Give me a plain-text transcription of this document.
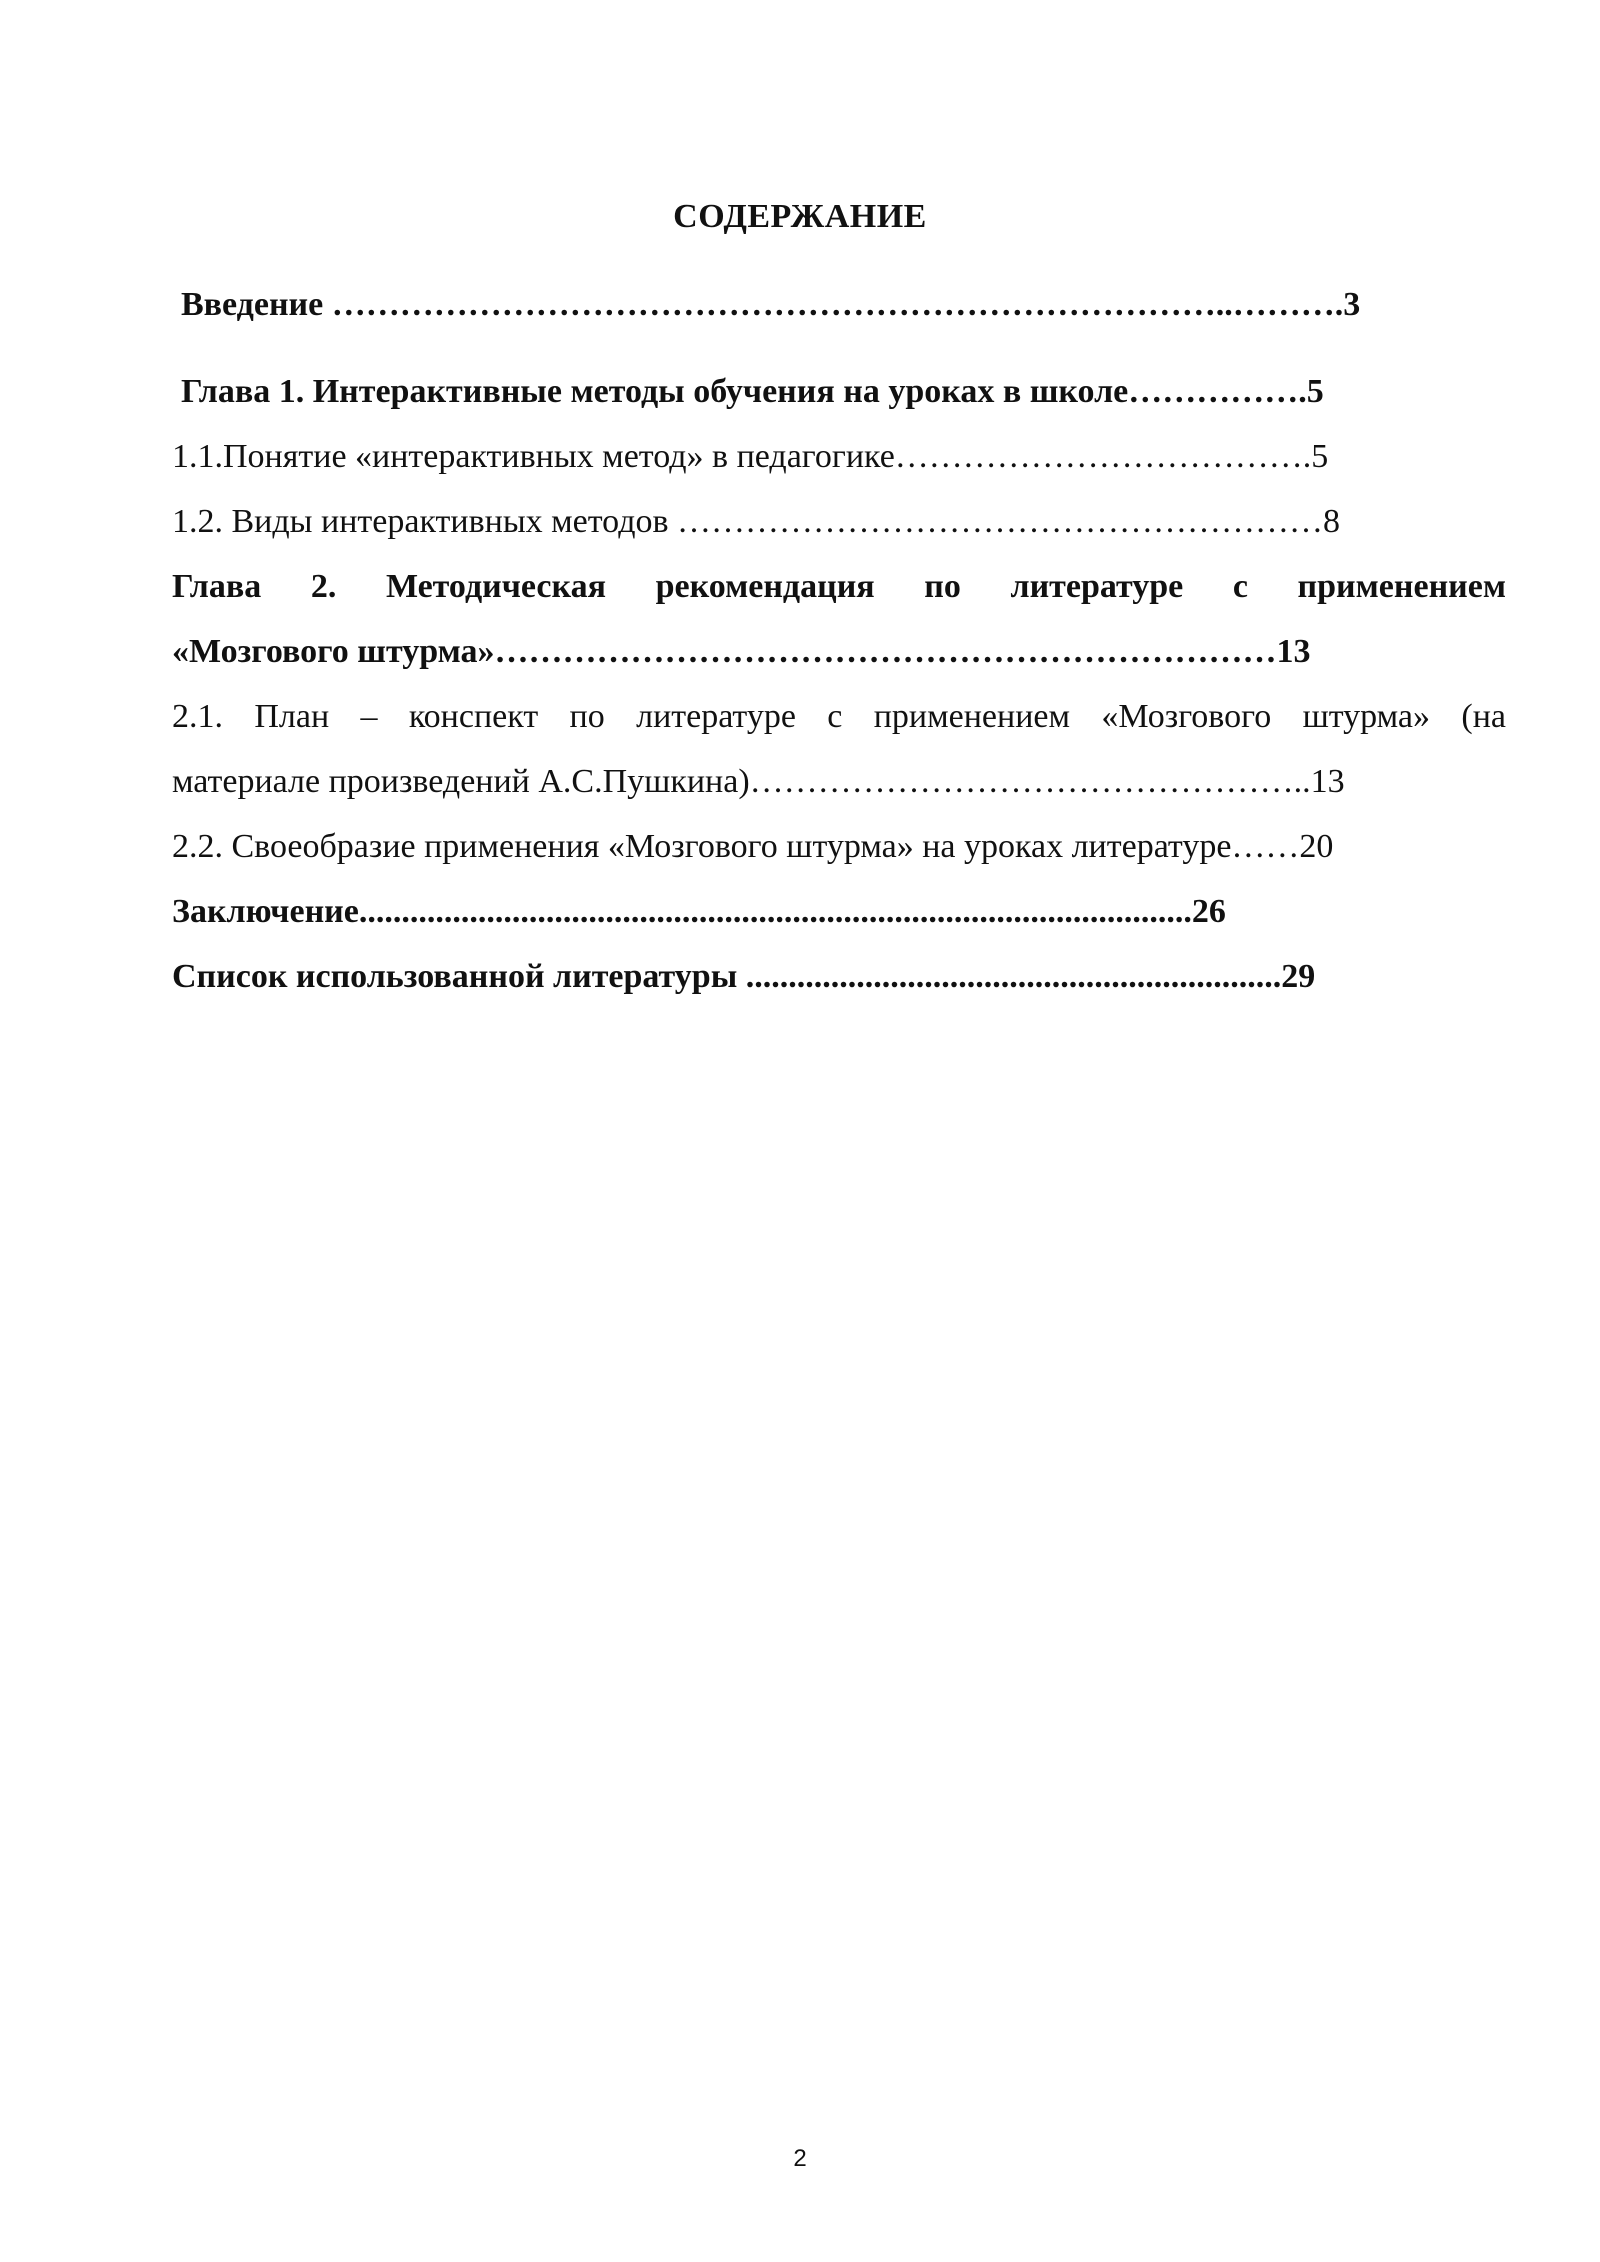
СОДЕРЖАНИЕ
Введение ……………………………………………………………………..……….3
Глава 1. Интерактивные методы обучения на уроках в школе…………….5
1.1.Понятие «интерактивных метод» в педагогике……………………………….5
1.2. Виды интерактивных методов …………………………………………………8
Глава 2. Методическая рекомендация по литературе с применением
«Мозгового штурма»……………………………………………………………13
2.1. План – конспект по литературе с применением «Мозгового штурма» (на
материале произведений А.С.Пушкина)…………………………………………..13
2.2. Своеобразие применения «Мозгового штурма» на уроках литературе……20
Заключение..................................................................................................26
Список использованной литературы ...............................................................29
2
